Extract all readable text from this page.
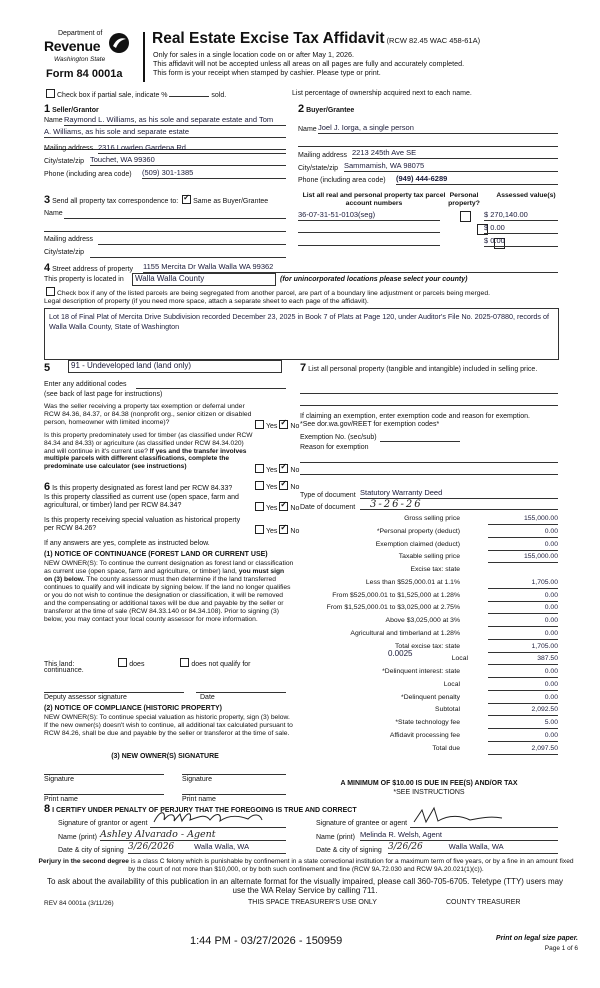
Department of
Revenue
Washington State
Form 84 0001a
Real Estate Excise Tax Affidavit (RCW 82.45 WAC 458-61A)
Only for sales in a single location code on or after May 1, 2026.
This affidavit will not be accepted unless all areas on all pages are fully and accurately completed.
This form is your receipt when stamped by cashier. Please type or print.
Check box if partial sale, indicate %	sold.	List percentage of ownership acquired next to each name.
1 Seller/Grantor
Name Raymond L. Williams, as his sole and separate estate and Tom
A. Williams, as his sole and separate estate
Mailing address 2316 Lowden Gardena Rd
City/state/zip Touchet, WA 99360
Phone (including area code) (509) 301-1385
2 Buyer/Grantee
Name Joel J. Iorga, a single person
Mailing address 2213 245th Ave SE
City/state/zip Sammamish, WA 98075
Phone (including area code) (949) 444-6289
3 Send all property tax correspondence to: ✓ Same as Buyer/Grantee
Name
Mailing address
City/state/zip
List all real and personal property tax parcel account numbers
Personal property?
Assessed value(s)
36-07-31-51-0103(seg)
	$ 270,140.00

$ 0.00
$ 0.00
4 Street address of property 1155 Mercita Dr Walla Walla WA 99362
This property is located in	Walla Walla County	(for unincorporated locations please select your county)
Check box if any of the listed parcels are being segregated from another parcel, are part of a boundary line adjustment or parcels being merged.
Legal description of property (if you need more space, attach a separate sheet to each page of the affidavit).
Lot 18 of Final Plat of Mercita Drive Subdivision recorded December 23, 2025 in Book 7 of Plats at Page 120, under Auditor's File No. 2025-07880, records of Walla Walla County, State of Washington
5	91 - Undeveloped land (land only)
Enter any additional codes
(see back of last page for instructions)
Was the seller receiving a property tax exemption or deferral under RCW 84.36, 84.37, or 84.38 (nonprofit org., senior citizen or disabled person, homeowner with limited income)?
Yes ✓ No
Is this property predominately used for timber (as classified under RCW 84.34 and 84.33) or agriculture (as classified under RCW 84.34.020) and will continue in it's current use? If yes and the transfer involves multiple parcels with different classifications, complete the predominate use calculator (see instructions)
Yes ✓ No
6 Is this property designated as forest land per RCW 84.33?	Yes ✓ No
Is this property classified as current use (open space, farm and agricultural, or timber) land per RCW 84.34?	Yes ✓ No
Is this property receiving special valuation as historical property per RCW 84.26?	Yes ✓ No
If any answers are yes, complete as instructed below.
(1) NOTICE OF CONTINUANCE (FOREST LAND OR CURRENT USE)
NEW OWNER(S): To continue the current designation as forest land or classification as current use (open space, farm and agriculture, or timber) land, you must sign on (3) below. The county assessor must then determine if the land transferred continues to qualify and will indicate by signing below. If the land no longer qualifies or you do not wish to continue the designation or classification, it will be removed and the compensating or additional taxes will be due and payable by the seller or transferor at the time of sale (RCW 84.33.140 or 84.34.108). Prior to signing (3) below, you may contact your local county assessor for more information.
This land:	does	does not qualify for
continuance.
Deputy assessor signature	Date
(2) NOTICE OF COMPLIANCE (HISTORIC PROPERTY)
NEW OWNER(S): To continue special valuation as historic property, sign (3) below. If the new owner(s) doesn't wish to continue, all additional tax calculated pursuant to RCW 84.26, shall be due and payable by the seller or transferor at the time of sale.
(3) NEW OWNER(S) SIGNATURE
Signature	Signature
Print name	Print name
7 List all personal property (tangible and intangible) included in selling price.
If claiming an exemption, enter exemption code and reason for exemption. *See dor.wa.gov/REET for exemption codes*
Exemption No. (sec/sub)
Reason for exemption
Type of document Statutory Warranty Deed
Date of document	3-26-26
Gross selling price	155,000.00
*Personal property (deduct)	0.00
Exemption claimed (deduct)	0.00
Taxable selling price	155,000.00
Excise tax: state
Less than $525,000.01 at 1.1%	1,705.00
From $525,000.01 to $1,525,000 at 1.28%	0.00
From $1,525,000.01 to $3,025,000 at 2.75%	0.00
Above $3,025,000 at 3%	0.00
Agricultural and timberland at 1.28%	0.00
Total excise tax: state	1,705.00
Local	387.50
*Delinquent interest: state	0.00
Local	0.00
*Delinquent penalty	0.00
Subtotal	2,092.50
*State technology fee	5.00
Affidavit processing fee	0.00
Total due	2,097.50
0.0025
A MINIMUM OF $10.00 IS DUE IN FEE(S) AND/OR TAX
*SEE INSTRUCTIONS
8 I CERTIFY UNDER PENALTY OF PERJURY THAT THE FOREGOING IS TRUE AND CORRECT
Signature of grantor or agent
Name (print) Ashley Alvarado - Agent
Date & city of signing 3/26/2026	Walla Walla, WA
Signature of grantee or agent
Name (print) Melinda R. Welsh, Agent
Date & city of signing 3/26/26	Walla Walla, WA
Perjury in the second degree is a class C felony which is punishable by confinement in a state correctional institution for a maximum term of five years, or by a fine in an amount fixed by the court of not more than $10,000, or by both such confinement and fine (RCW 9A.72.030 and RCW 9A.20.021(1)(c)).
To ask about the availability of this publication in an alternate format for the visually impaired, please call 360-705-6705. Teletype (TTY) users may use the WA Relay Service by calling 711.
REV 84 0001a (3/11/26)	THIS SPACE TREASURER'S USE ONLY	COUNTY TREASURER
1:44 PM - 03/27/2026 - 150959	Print on legal size paper.
Page 1 of 6
